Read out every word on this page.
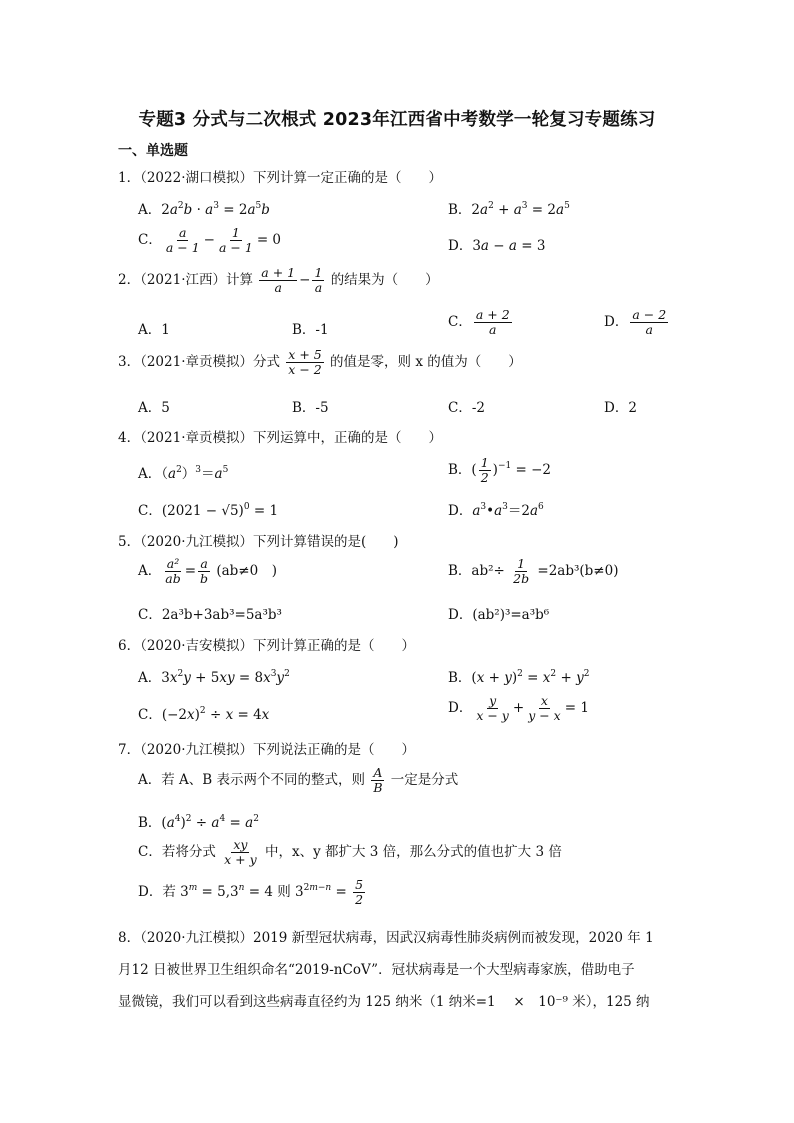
专题3 分式与二次根式 2023年江西省中考数学一轮复习专题练习
一、单选题
1．（2022·湖口模拟）下列计算一定正确的是（　　）
A．$2a^2b \cdot a^3 = 2a^5b$	B．$2a^2 + a^3 = 2a^5$
C． $\frac{a}{a - 1} - \frac{1}{a - 1} = 0$	D．3a − a = 3
2．（2021·江西）计算 $\frac{a + 1}{a} - \frac{1}{a}$ 的结果为（　　）
A．1	B．-1	C． $\frac{a + 2}{a}$	D． $\frac{a - 2}{a}$
3．（2021·章贡模拟）分式 $\frac{x + 5}{x - 2}$ 的值是零，则 x 的值为（　　）
A．5	B．-5	C．-2	D．2
4．（2021·章贡模拟）下列运算中，正确的是（　　）
A．$(a^2)^3=a^5$	B．( $\frac{1}{2} )^{-1} = -2$
C．$(2021 - √5)^0 = 1$	D．$a^3•a^3=2a^6$
5．（2020·九江模拟）下列计算错误的是(　　)
A． $\frac{\text{a²}}{ab} = \frac{a}{b} (ab\ne 0$　)	B．$ab^2\div \frac{1}{2b} =2ab^3(b\ne 0)$
C．2a³b+3ab³=5a³b³	D．(ab²)³=a³b⁶
6．（2020·吉安模拟）下列计算正确的是（　　）
A．$3x^2y + 5xy = 8x^3y^2$	B．$(x + y)^2 = x^2 + y^2$
C．$(-2x)^2 \div x = 4x$	D． $\frac{y}{x - y} + \frac{x}{y - x} = 1$
7．（2020·九江模拟）下列说法正确的是（　　）
A．若 A、B 表示两个不同的整式，则 $\frac{A}{B}$ 一定是分式
B．$(a^4)^2 \div a^4 = a^2$
C．若将分式 $\frac{xy}{x + y}$ 中，x、y 都扩大 3 倍，那么分式的值也扩大 3 倍
D．若 $3^m = 5,3^n = 4$ 则 $3^{2m-n} = \frac{5}{2}$
8．（2020·九江模拟）2019 新型冠状病毒，因武汉病毒性肺炎病例而被发现，2020 年 1
月12 日被世界卫生组织命名“2019-nCoV”．冠状病毒是一个大型病毒家族，借助电子
显微镜，我们可以看到这些病毒直径约为 125 纳米（1 纳米=1　 ×　10⁻⁹ 米），125 纳
